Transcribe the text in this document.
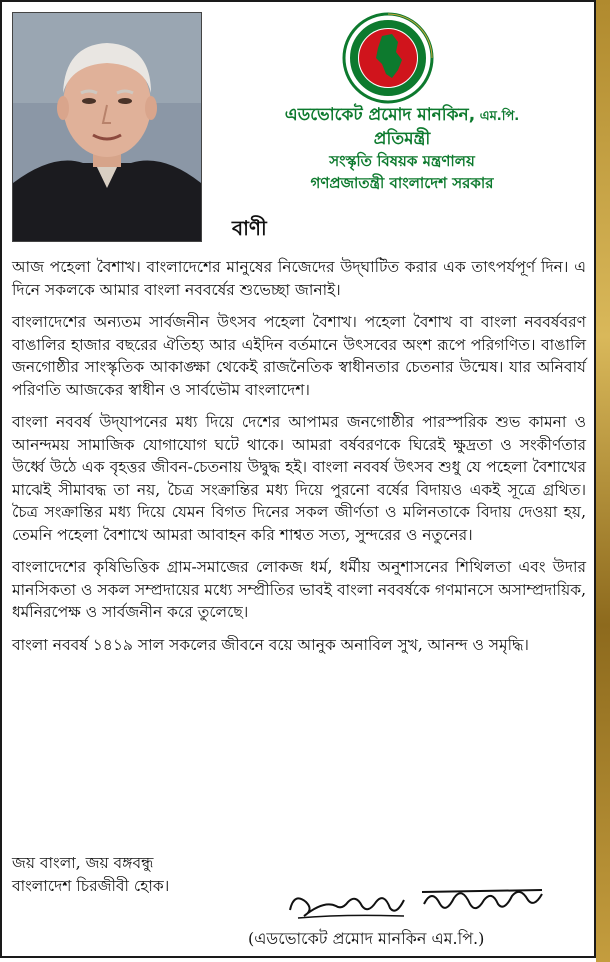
এডভোকেট প্রমোদ মানকিন, এম.পি.
প্রতিমন্ত্রী
সংস্কৃতি বিষয়ক মন্ত্রণালয়
গণপ্রজাতন্ত্রী বাংলাদেশ সরকার
বাণী

আজ পহেলা বৈশাখ। বাংলাদেশের মানুষের নিজেদের উদ্‌ঘাটিত করার এক তাৎপর্যপূর্ণ দিন। এ দিনে সকলকে আমার বাংলা নববর্ষের শুভেচ্ছা জানাই।

বাংলাদেশের অন্যতম সার্বজনীন উৎসব পহেলা বৈশাখ। পহেলা বৈশাখ বা বাংলা নববর্ষবরণ বাঙালির হাজার বছরের ঐতিহ্য আর এইদিন বর্তমানে উৎসবের অংশ রূপে পরিগণিত। বাঙালি জনগোষ্ঠীর সাংস্কৃতিক আকাঙ্ক্ষা থেকেই রাজনৈতিক স্বাধীনতার চেতনার উন্মেষ। যার অনিবার্য পরিণতি আজকের স্বাধীন ও সার্বভৌম বাংলাদেশ।

বাংলা নববর্ষ উদ্‌যাপনের মধ্য দিয়ে দেশের আপামর জনগোষ্ঠীর পারস্পরিক শুভ কামনা ও আনন্দময় সামাজিক যোগাযোগ ঘটে থাকে। আমরা বর্ষবরণকে ঘিরেই ক্ষুদ্রতা ও সংকীর্ণতার উর্ধ্বে উঠে এক বৃহত্তর জীবন-চেতনায় উদ্বুদ্ধ হই। বাংলা নববর্ষ উৎসব শুধু যে পহেলা বৈশাখের মাঝেই সীমাবদ্ধ তা নয়, চৈত্র সংক্রান্তির মধ্য দিয়ে পুরনো বর্ষের বিদায়ও একই সূত্রে গ্রথিত। চৈত্র সংক্রান্তির মধ্য দিয়ে যেমন বিগত দিনের সকল জীর্ণতা ও মলিনতাকে বিদায় দেওয়া হয়, তেমনি পহেলা বৈশাখে আমরা আবাহন করি শাশ্বত সত্য, সুন্দরের ও নতুনের।

বাংলাদেশের কৃষিভিত্তিক গ্রাম-সমাজের লোকজ ধর্ম, ধর্মীয় অনুশাসনের শিথিলতা এবং উদার মানসিকতা ও সকল সম্প্রদায়ের মধ্যে সম্প্রীতির ভাবই বাংলা নববর্ষকে গণমানসে অসাম্প্রদায়িক, ধর্মনিরপেক্ষ ও সার্বজনীন করে তুলেছে।

বাংলা নববর্ষ ১৪১৯ সাল সকলের জীবনে বয়ে আনুক অনাবিল সুখ, আনন্দ ও সমৃদ্ধি।

জয় বাংলা, জয় বঙ্গবন্ধু
বাংলাদেশ চিরজীবী হোক।
(এডভোকেট প্রমোদ মানকিন এম.পি.)
